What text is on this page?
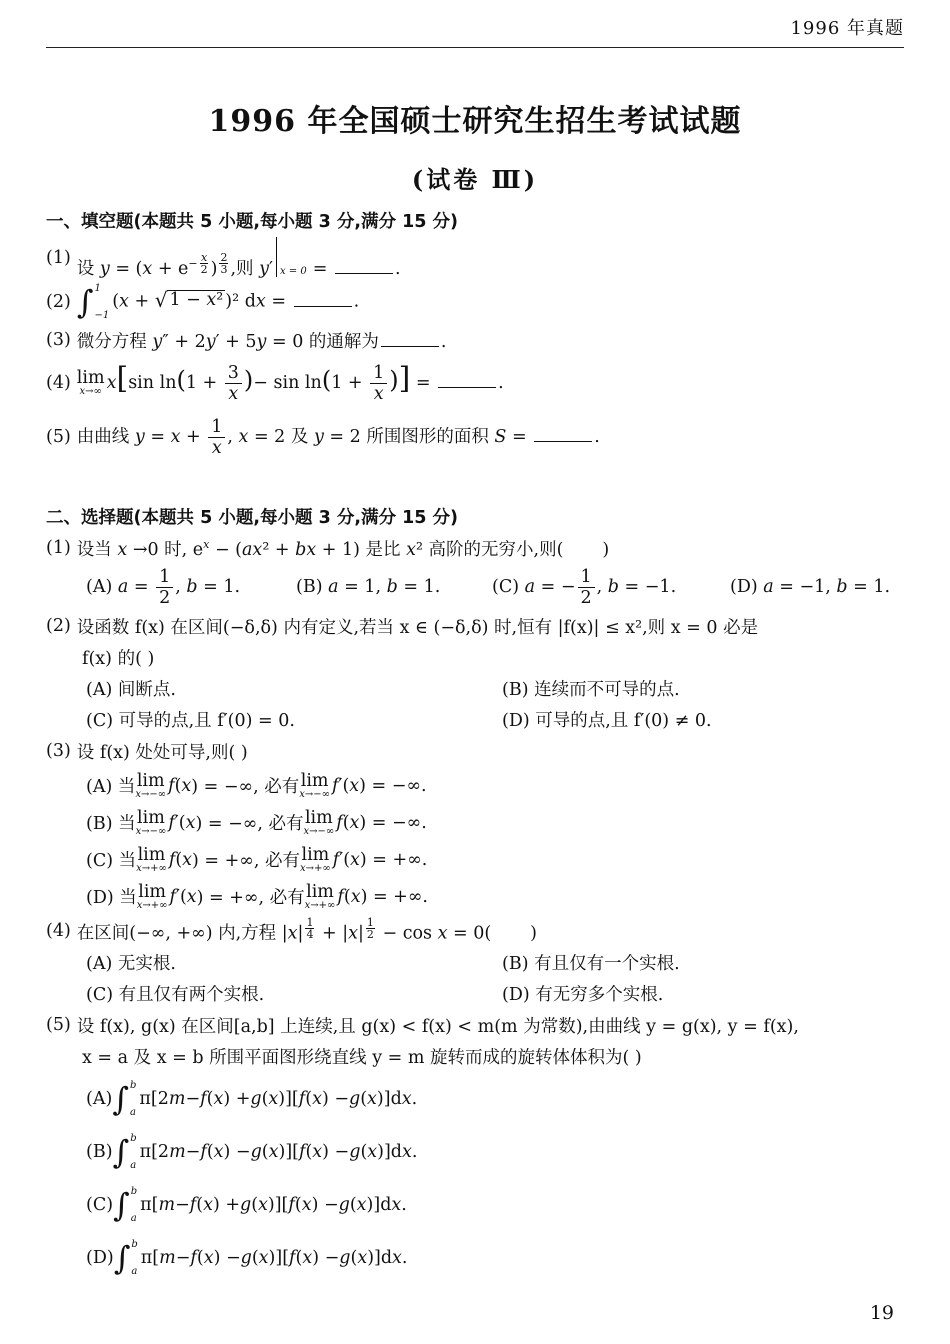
1996 年真题
1996 年全国硕士研究生招生考试试题
(试卷 Ⅲ)
一、填空题(本题共 5 小题,每小题 3 分,满分 15 分)
(1)
设 $y = (x + e^{- \frac{x}{2}}$ ) $^{\frac{2}{3}}$ ,则 y′ x = 0 =	.
(2) ∫ 1
−1
(x + √ 1 − x² )² dx =	.
(3) 微分方程 y″ + 2y′ + 5y = 0 的通解为	.
(4) lim
x→∞ x[sin $\ln(1 + \frac{3}{x}$ )− $\sin \ln(1 + \frac{1}{x}$ )] =	.
(5) 由曲线 $y = x + \frac{1}{x}$ , x = 2 及 y = 2 所围图形的面积 S =	.
二、选择题(本题共 5 小题,每小题 3 分,满分 15 分)
(1) 设当 x →0 时, $e^x - (ax^2$ + bx + 1) 是比 x² 高阶的无穷小,则(       )
(A) $a = \frac{1}{2}$ , b = 1.	(B) a = 1, b = 1.	(C) a = − $\frac{1}{2}$ , b = −1.	(D) a = −1, b = 1.
(2) 设函数 f(x) 在区间(−δ,δ) 内有定义,若当 x ∈ (−δ,δ) 时,恒有 |f(x)| ≤ x²,则 x = 0 必是
f(x) 的( )
(A) 间断点.	(B) 连续而不可导的点.
(C) 可导的点,且 f′(0) = 0.	(D) 可导的点,且 f′(0) ≠ 0.
(3) 设 f(x) 处处可导,则( )
(A) 当 lim
x→−∞ f ( x ) = −∞, 必有 lim
x→−∞ f ′( x ) = −∞.
(B) 当 lim
x→−∞ f ′( x ) = −∞, 必有 lim
x→−∞ f ( x ) = −∞.
(C) 当 lim
x→+∞ f ( x ) = +∞, 必有 lim
x→+∞ f ′( x ) = +∞.
(D) 当 lim
x→+∞ f ′( x ) = +∞, 必有 lim
x→+∞ f ( x ) = +∞.
(4) 在区间(−∞, +∞) 内,方程 |x| $^{\frac{1}{4}}$ + |x| $^{\frac{1}{2}}$ − cos x = 0(       )
(A) 无实根.	(B) 有且仅有一个实根.
(C) 有且仅有两个实根.	(D) 有无穷多个实根.
(5) 设 f(x), g(x) 在区间[a,b] 上连续,且 g(x) < f(x) < m(m 为常数),由曲线 y = g(x), y = f(x),
x = a 及 x = b 所围平面图形绕直线 y = m 旋转而成的旋转体体积为( )
(A) ∫ b
a
π[2 m − f ( x ) + g ( x )][ f ( x ) − g ( x )]d x .
(B) ∫ b
a
π[2 m − f ( x ) − g ( x )][ f ( x ) − g ( x )]d x .
(C) ∫ b
a
π[ m − f ( x ) + g ( x )][ f ( x ) − g ( x )]d x .
(D) ∫ b
a
π[ m − f ( x ) − g ( x )][ f ( x ) − g ( x )]d x .
19
